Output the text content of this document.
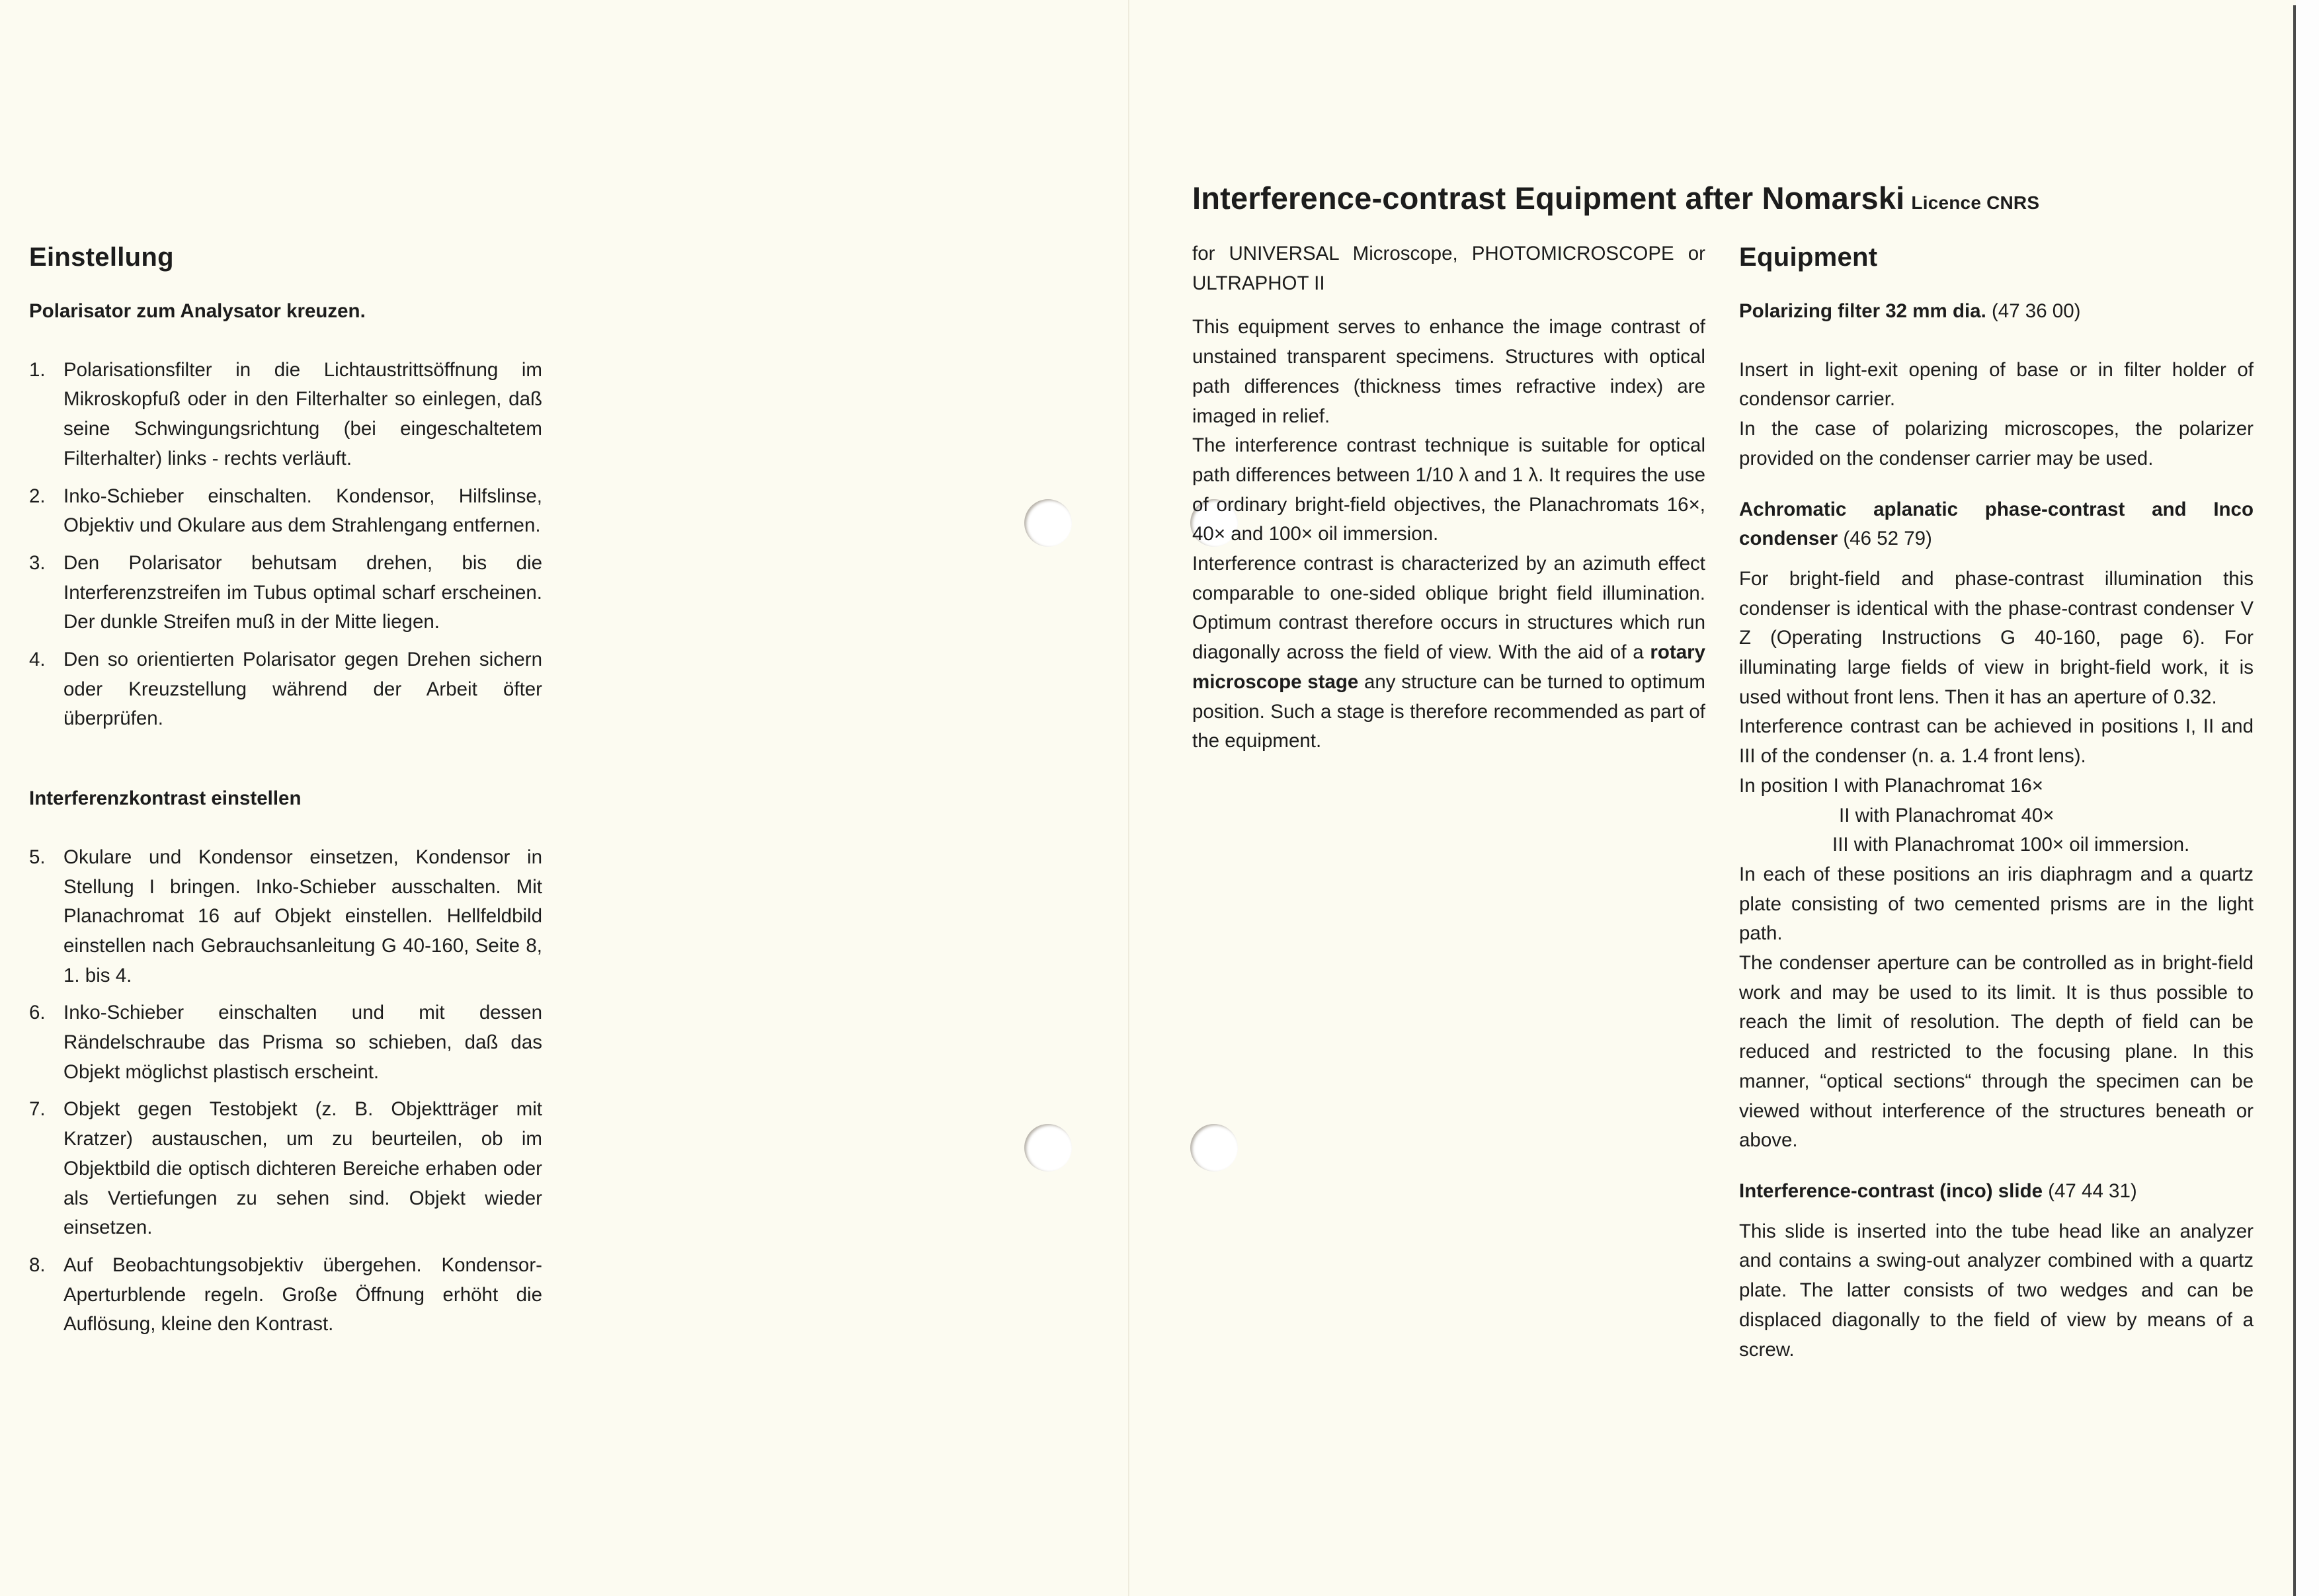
Einstellung
Polarisator zum Analysator kreuzen.
1. Polarisationsfilter in die Lichtaustrittsöffnung im Mikroskopfuß oder in den Filterhalter so einlegen, daß seine Schwingungsrichtung (bei eingeschaltetem Filterhalter) links - rechts verläuft.
2. Inko-Schieber einschalten. Kondensor, Hilfslinse, Objektiv und Okulare aus dem Strahlengang entfernen.
3. Den Polarisator behutsam drehen, bis die Interferenzstreifen im Tubus optimal scharf erscheinen. Der dunkle Streifen muß in der Mitte liegen.
4. Den so orientierten Polarisator gegen Drehen sichern oder Kreuzstellung während der Arbeit öfter überprüfen.
Interferenzkontrast einstellen
5. Okulare und Kondensor einsetzen, Kondensor in Stellung I bringen. Inko-Schieber ausschalten. Mit Planachromat 16 auf Objekt einstellen. Hellfeldbild einstellen nach Gebrauchsanleitung G 40-160, Seite 8, 1. bis 4.
6. Inko-Schieber einschalten und mit dessen Rändelschraube das Prisma so schieben, daß das Objekt möglichst plastisch erscheint.
7. Objekt gegen Testobjekt (z. B. Objektträger mit Kratzer) austauschen, um zu beurteilen, ob im Objektbild die optisch dichteren Bereiche erhaben oder als Vertiefungen zu sehen sind. Objekt wieder einsetzen.
8. Auf Beobachtungsobjektiv übergehen. Kondensor-Aperturblende regeln. Große Öffnung erhöht die Auflösung, kleine den Kontrast.
Interference-contrast Equipment after Nomarski Licence CNRS

for UNIVERSAL Microscope, PHOTOMICROSCOPE or ULTRAPHOT II

This equipment serves to enhance the image contrast of unstained transparent specimens. Structures with optical path differences (thickness times refractive index) are imaged in relief.

The interference contrast technique is suitable for optical path differences between 1/10 λ and 1 λ. It requires the use of ordinary bright-field objectives, the Planachromats 16×, 40× and 100× oil immersion.

Interference contrast is characterized by an azimuth effect comparable to one-sided oblique bright field illumination. Optimum contrast therefore occurs in structures which run diagonally across the field of view. With the aid of a rotary microscope stage any structure can be turned to optimum position. Such a stage is therefore recommended as part of the equipment.

Equipment

Polarizing filter 32 mm dia. (47 36 00)

Insert in light-exit opening of base or in filter holder of condensor carrier.

In the case of polarizing microscopes, the polarizer provided on the condenser carrier may be used.

Achromatic aplanatic phase-contrast and Inco condenser (46 52 79)

For bright-field and phase-contrast illumination this condenser is identical with the phase-contrast condenser V Z (Operating Instructions G 40-160, page 6). For illuminating large fields of view in bright-field work, it is used without front lens. Then it has an aperture of 0.32.

Interference contrast can be achieved in positions I, II and III of the condenser (n. a. 1.4 front lens).

In position I with Planachromat 16×

II with Planachromat 40×

III with Planachromat 100× oil immersion.

In each of these positions an iris diaphragm and a quartz plate consisting of two cemented prisms are in the light path.

The condenser aperture can be controlled as in bright-field work and may be used to its limit. It is thus possible to reach the limit of resolution. The depth of field can be reduced and restricted to the focusing plane. In this manner, “optical sections“ through the specimen can be viewed without interference of the structures beneath or above.

Interference-contrast (inco) slide (47 44 31)

This slide is inserted into the tube head like an analyzer and contains a swing-out analyzer combined with a quartz plate. The latter consists of two wedges and can be displaced diagonally to the field of view by means of a screw.
